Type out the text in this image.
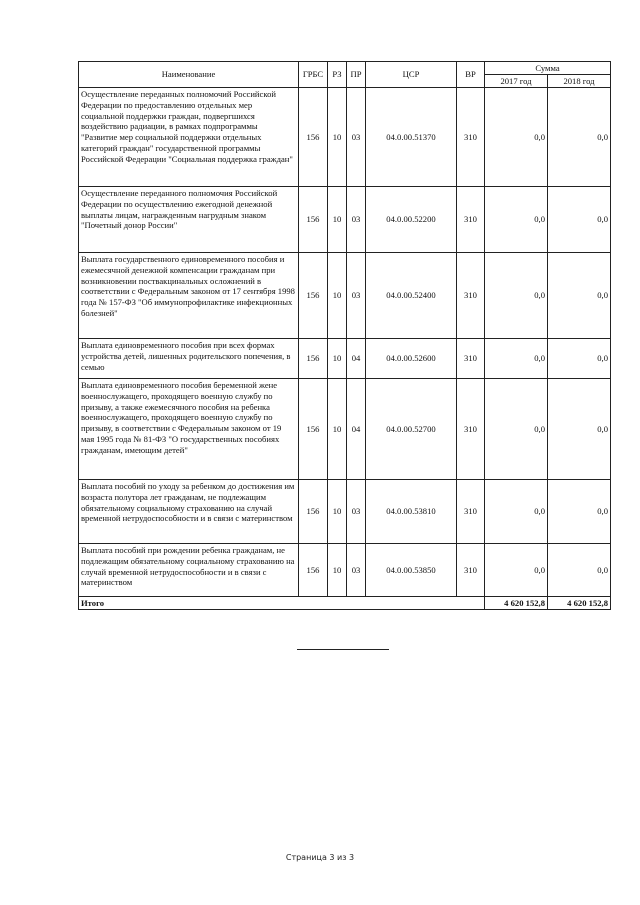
Наименование	ГРБС	РЗ	ПР	ЦСР	ВР	Сумма	
						2017 год	2018 год
Осуществление переданных полномочий Российской Федерации по предоставлению отдельных мер социальной поддержки граждан, подвергшихся воздействию радиации, в рамках подпрограммы "Развитие мер социальной поддержки отдельных категорий граждан" государственной программы Российской Федерации "Социальная поддержка граждан"	156	10	03	04.0.00.51370	310	0,0	0,0
Осуществление переданного полномочия Российской Федерации по осуществлению ежегодной денежной выплаты лицам, награжденным нагрудным знаком "Почетный донор России"	156	10	03	04.0.00.52200	310	0,0	0,0
Выплата государственного единовременного пособия и ежемесячной денежной компенсации гражданам при возникновении поствакцинальных осложнений в соответствии с Федеральным законом от 17 сентября 1998 года № 157-ФЗ "Об иммунопрофилактике инфекционных болезней"	156	10	03	04.0.00.52400	310	0,0	0,0
Выплата единовременного пособия при всех формах устройства детей, лишенных родительского попечения, в семью	156	10	04	04.0.00.52600	310	0,0	0,0
Выплата единовременного пособия беременной жене военнослужащего, проходящего военную службу по призыву, а также ежемесячного пособия на ребенка военнослужащего, проходящего военную службу по призыву, в соответствии с Федеральным законом от 19 мая 1995 года № 81-ФЗ "О государственных пособиях гражданам, имеющим детей"	156	10	04	04.0.00.52700	310	0,0	0,0
Выплата пособий по уходу за ребенком до достижения им возраста полутора лет гражданам, не подлежащим обязательному социальному страхованию на случай временной нетрудоспособности и в связи с материнством	156	10	03	04.0.00.53810	310	0,0	0,0
Выплата пособий при рождении ребенка гражданам, не подлежащим обязательному социальному страхованию на случай временной нетрудоспособности и в связи с материнством	156	10	03	04.0.00.53850	310	0,0	0,0
Итого						4 620 152,8	4 620 152,8
Страница 3 из 3
